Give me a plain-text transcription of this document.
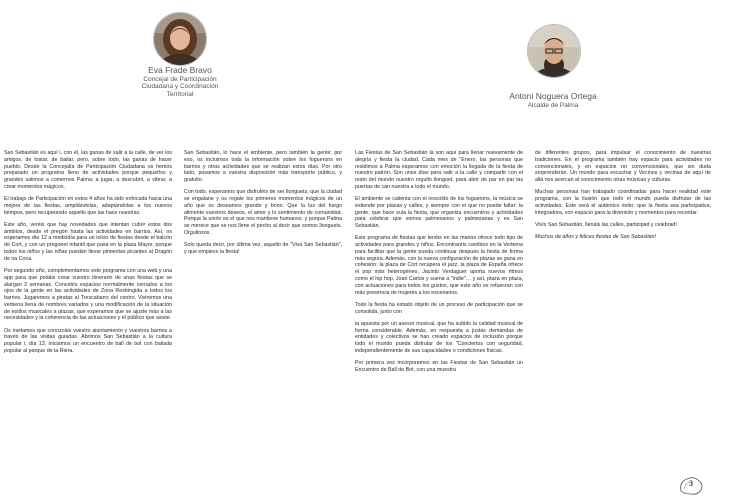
Eva Frade Bravo
Concejal de Participación
Ciudadana y Coordinación
Territorial	Antoni Noguera Ortega
Alcalde de Palma

San Sebastián es aquí i, con él, las ganas de salir a la calle, de ver los amigos, de tostar, de bailar, pero, sobre todo, las ganas de hacer pueblo. Desde la Concejalía de Participación Ciudadana os hemos preparado un programa lleno de actividades porque pequeños y grandes salimos a comernos Palma; a jugar, a descubrir, a vibrar, a crear momentos mágicos.

El trabajo de Participación en estos 4 años ha sido enfocada hacia una mejora de las fiestas, ampliándolas, adaptándolas a los nuevos tiempos, pero recuperando aquello que las hace nuestras.

Este año, veréis que hay novedades que intentan cubrir estos dos ámbitos, desde el pregón hasta las actividades en barrios. Así, os esperamos día 12 a mediodía para un inicio de fiestas desde el balcón de Cort, y con un pregonet infantil que pasa en la plaza Mayor, porque todos los niños y las niñas puedan llevar pimientas picantes al Dragón de na Coca.

Por segundo año, complementamos este programa con una web y una app para que podáis crear vuestro itinerario de unas fiestas que se alargan 2 semanas. Concebís espacios normalmente cerrados a los ojos de la gente en las actividades de Zona Restringida a todos los barrios. Jugaremos a piratas al Trescabarrs del centro. Viviremos una verbena llena de nombres variados y una modificación de la situación de estilos musicales a plazas, que esperamos que se ajuste más a las necesidades y la coherencia de las actuaciones y el público que asiste.

Os invitamos que conozcáis vuestro aiuntamiento y vuestros barrios a través de las visitas guiadas. Abrimos San Sebastián a la cultura popular i, día 13, iniciamos un encuentro de ball de bot con bailada popular al parque de la Riera.

San Sebastián, lo hace el ambiente, pero también la gente; por eso, os incluimos toda la información sobre los foguerons en barrios y otras actividades que se realizan estos días. Por otro lado, posamos a vuestra disposición más transporte público, y gratuito.

Con todo, esperamos que disfrutéis de ser llonguets, que la ciudad se engalane y os regale los primeros momentos mágicos de un año que os deseamos grande y bono. Que la luz del fuego alimente vuestros deseos, el amor y lo sentimiento de comunidad. Porque la unión es el que nos mantiene humanos. y porque Palma se merece que se nos llene el pecho al decir que somos llonguets. Orgullosos.

Solo queda decir, por última vez, aquello de "Viva San Sebastián", y que empiece la fiesta!

Las Fiestas de San Sebastián la son aquí para llenar nuevamente de alegría y fiesta la ciudad. Cada mes de "Enero, las personas que residimos a Palma esperamos con emoción la llegada de la fiesta de nuestro patrón. Son unos días para salir a la calle y compartir con el resto del mundo nuestro orgullo llonguet, para abrir de par en par las puertas de can nuestra a todo el mundo.

El ambiente se calienta con el rescoldo de los foguerons, la música se extiende por plazas y calles, y siempre con el que no puede faltar: la gente, que hace suia la fiesta, que organiza encuentros y actividades para celebrar que somos palmesanos y palmesanas y es San Sebastián.

Este programa de fiestas que tenéis en las manos ofrece todo tipo de actividades para grandes y niños. Encontraréis cambios en la Verbena para facilitar que la gente pueda continuar después la fiesta de forma más segura. Además, con la nueva configuración de plazas se gana en cohesión: la plaza de Cort recupera el jazz, la plaza de España ofrece el pop más heterogéneo, Jacinto Verdaguer aporta nuevos ritmos como el hip hop, Joan Carlos y suena a "indie"… y así, plaza en plaza, con actuaciones para todos los gustos, que este año se refuerzan con más presencia de mujeres a los escenarios.

Todo la fiesta ha estado objeto de un proceso de participación que se consolida, junto con

la apuesta por un asesor musical, que ha subido la calidad musical de forma considerable. Además, en respuesta a justas demandas de entidades y colectivos se han creado espacios de inclusión porque todo el mundo pueda disfrutar de los "Conciertos con seguridad, independientemente de sus capacidades o condiciones físicas.

Por primera vez incorporamos en las Fiestas de San Sebastián un Encuentro de Ball de Bot, con una muestra

de diferentes grupos, para impulsar el conocimiento de nuestras tradiciones. En el programa también hay espacio para actividades no convencionales, y en espacios no convencionales, que sin duda sorprenderán. Un mundo para escuchar y Vecinos y vecinas de aquí de allá nos acercan al conocimiento otras músicas y culturas.

Muchas personas han trabajado coordinadas para hacer realidad este programa, con la ilusión que todo el mundo pueda disfrutar de las actividades. Este será el auténtico éxito: que la fiesta sea participativa, integradora, con espacio para la diversión y momentos para recordar.

Vivís San Sebastián, llenáis las calles, participad y celebrad!

Muchos de años y felices fiestas de San Sebastián!

3
